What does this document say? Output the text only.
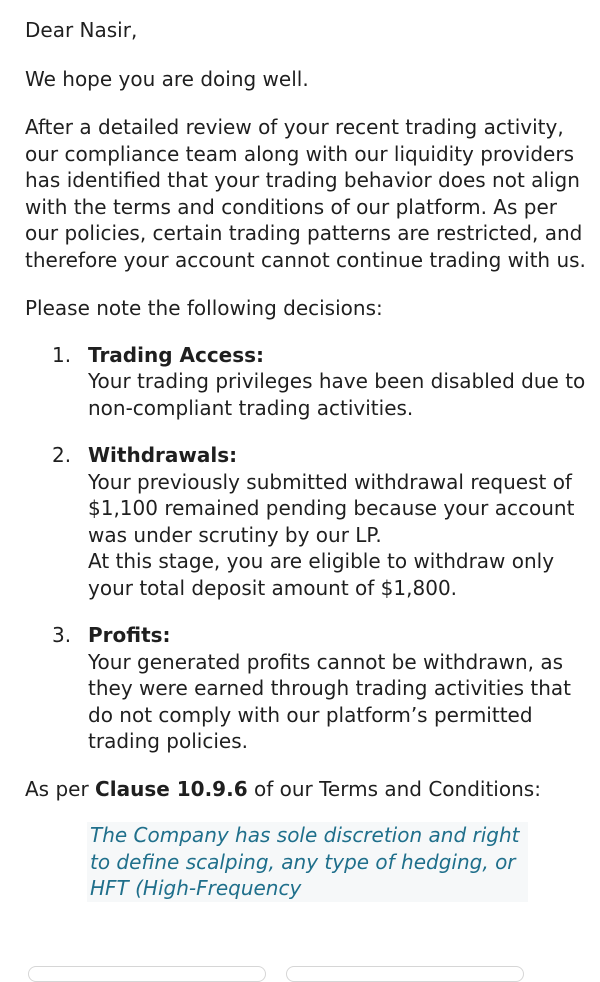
Dear Nasir,

We hope you are doing well.

After a detailed review of your recent trading activity, our compliance team along with our liquidity providers has identified that your trading behavior does not align with the terms and conditions of our platform. As per our policies, certain trading patterns are restricted, and therefore your account cannot continue trading with us.

Please note the following decisions:

1. Trading Access:
Your trading privileges have been disabled due to non-compliant trading activities.
2. Withdrawals:
Your previously submitted withdrawal request of $1,100 remained pending because your account was under scrutiny by our LP.
At this stage, you are eligible to withdraw only your total deposit amount of $1,800.
3. Profits:
Your generated profits cannot be withdrawn, as they were earned through trading activities that do not comply with our platform’s permitted trading policies.

As per Clause 10.9.6 of our Terms and Conditions:

The Company has sole discretion and right to define scalping, any type of hedging, or HFT (High-Frequency
